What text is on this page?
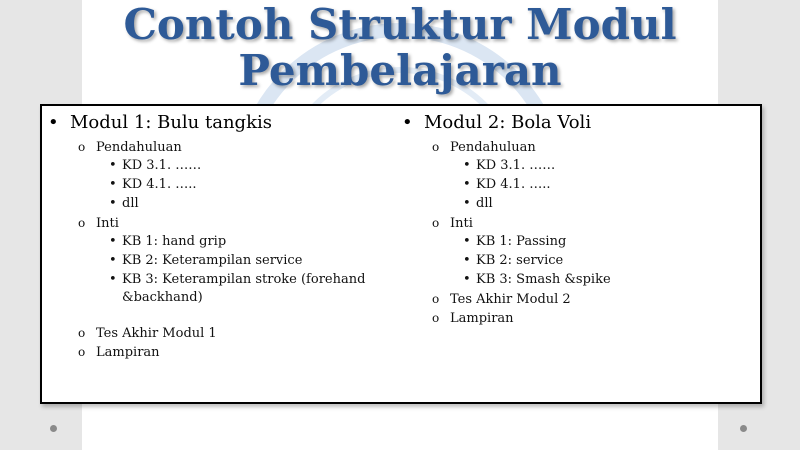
Contoh Struktur Modul Pembelajaran
• Modul 1: Bulu tangkis
o Pendahuluan
• KD 3.1. ……
• KD 4.1. …..
• dll
o Inti
• KB 1: hand grip
• KB 2: Keterampilan service
• KB 3: Keterampilan stroke (forehand &backhand)
o Tes Akhir Modul 1
o Lampiran
• Modul 2: Bola Voli
o Pendahuluan
• KD 3.1. ……
• KD 4.1. …..
• dll
o Inti
• KB 1: Passing
• KB 2: service
• KB 3: Smash &spike
o Tes Akhir Modul 2
o Lampiran
